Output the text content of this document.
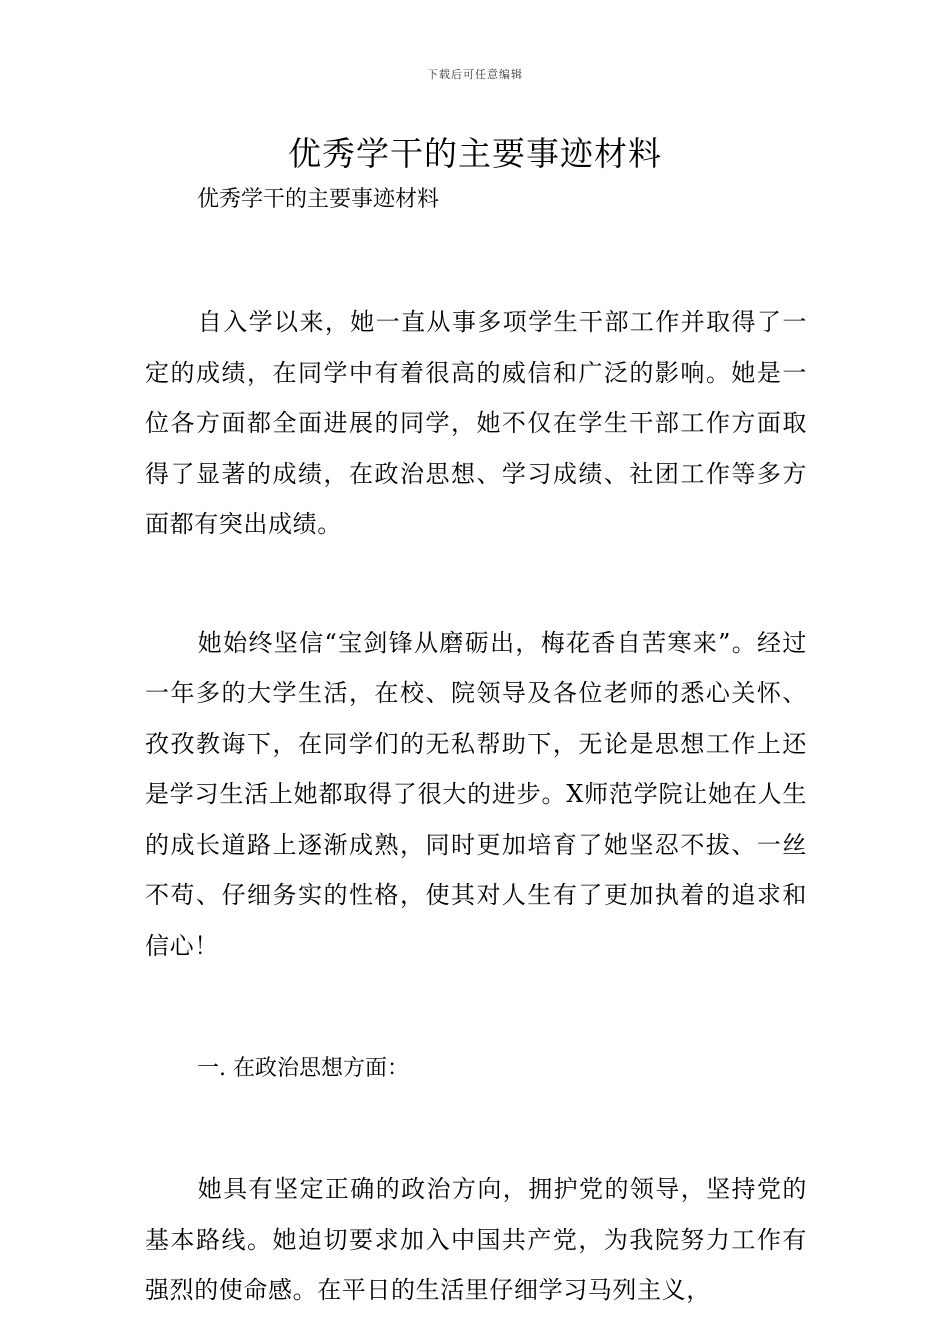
下载后可任意编辑
优秀学干的主要事迹材料

优秀学干的主要事迹材料

自入学以来，她一直从事多项学生干部工作并取得了一定的成绩，在同学中有着很高的威信和广泛的影响。她是一位各方面都全面进展的同学，她不仅在学生干部工作方面取得了显著的成绩，在政治思想、学习成绩、社团工作等多方面都有突出成绩。

她始终坚信“宝剑锋从磨砺出，梅花香自苦寒来”。经过一年多的大学生活，在校、院领导及各位老师的悉心关怀、孜孜教诲下，在同学们的无私帮助下，无论是思想工作上还是学习生活上她都取得了很大的进步。X师范学院让她在人生的成长道路上逐渐成熟，同时更加培育了她坚忍不拔、一丝不苟、仔细务实的性格，使其对人生有了更加执着的追求和信心！

一. 在政治思想方面：

她具有坚定正确的政治方向，拥护党的领导，坚持党的基本路线。她迫切要求加入中国共产党，为我院努力工作有强烈的使命感。在平日的生活里仔细学习马列主义，
